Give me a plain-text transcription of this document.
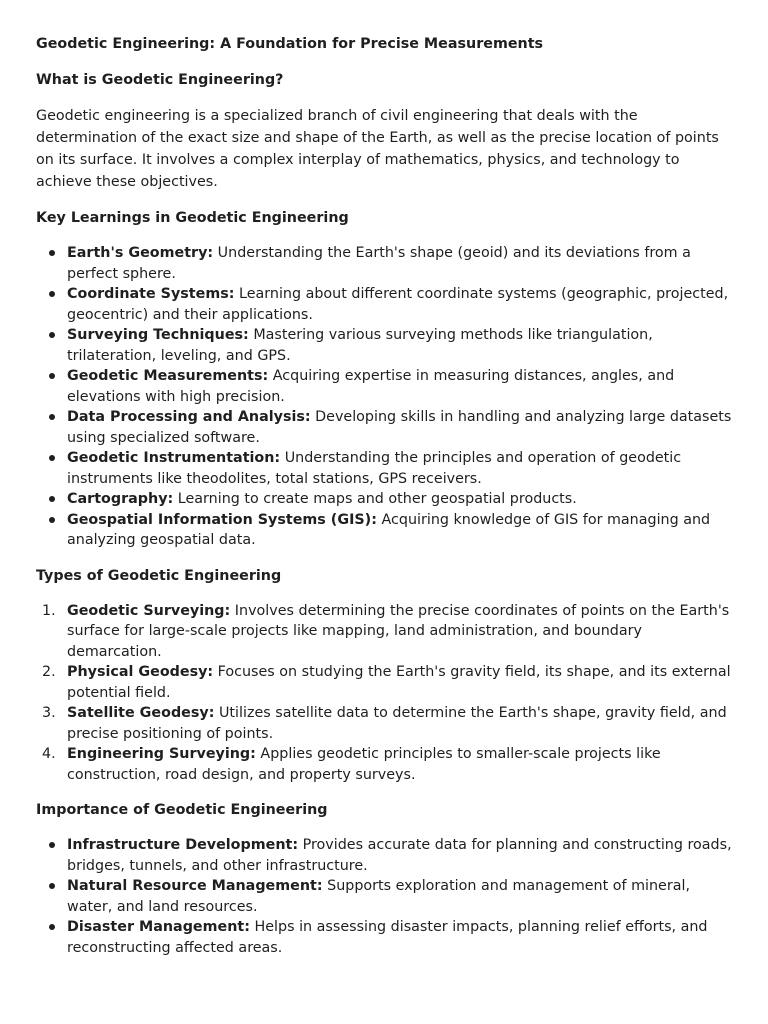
Geodetic Engineering: A Foundation for Precise Measurements
What is Geodetic Engineering?
Geodetic engineering is a specialized branch of civil engineering that deals with the determination of the exact size and shape of the Earth, as well as the precise location of points on its surface. It involves a complex interplay of mathematics, physics, and technology to achieve these objectives.
Key Learnings in Geodetic Engineering
Earth's Geometry: Understanding the Earth's shape (geoid) and its deviations from a perfect sphere.
Coordinate Systems: Learning about different coordinate systems (geographic, projected, geocentric) and their applications.
Surveying Techniques: Mastering various surveying methods like triangulation, trilateration, leveling, and GPS.
Geodetic Measurements: Acquiring expertise in measuring distances, angles, and elevations with high precision.
Data Processing and Analysis: Developing skills in handling and analyzing large datasets using specialized software.
Geodetic Instrumentation: Understanding the principles and operation of geodetic instruments like theodolites, total stations, GPS receivers.
Cartography: Learning to create maps and other geospatial products.
Geospatial Information Systems (GIS): Acquiring knowledge of GIS for managing and analyzing geospatial data.
Types of Geodetic Engineering
1. Geodetic Surveying: Involves determining the precise coordinates of points on the Earth's surface for large-scale projects like mapping, land administration, and boundary demarcation.
2. Physical Geodesy: Focuses on studying the Earth's gravity field, its shape, and its external potential field.
3. Satellite Geodesy: Utilizes satellite data to determine the Earth's shape, gravity field, and precise positioning of points.
4. Engineering Surveying: Applies geodetic principles to smaller-scale projects like construction, road design, and property surveys.
Importance of Geodetic Engineering
Infrastructure Development: Provides accurate data for planning and constructing roads, bridges, tunnels, and other infrastructure.
Natural Resource Management: Supports exploration and management of mineral, water, and land resources.
Disaster Management: Helps in assessing disaster impacts, planning relief efforts, and reconstructing affected areas.
